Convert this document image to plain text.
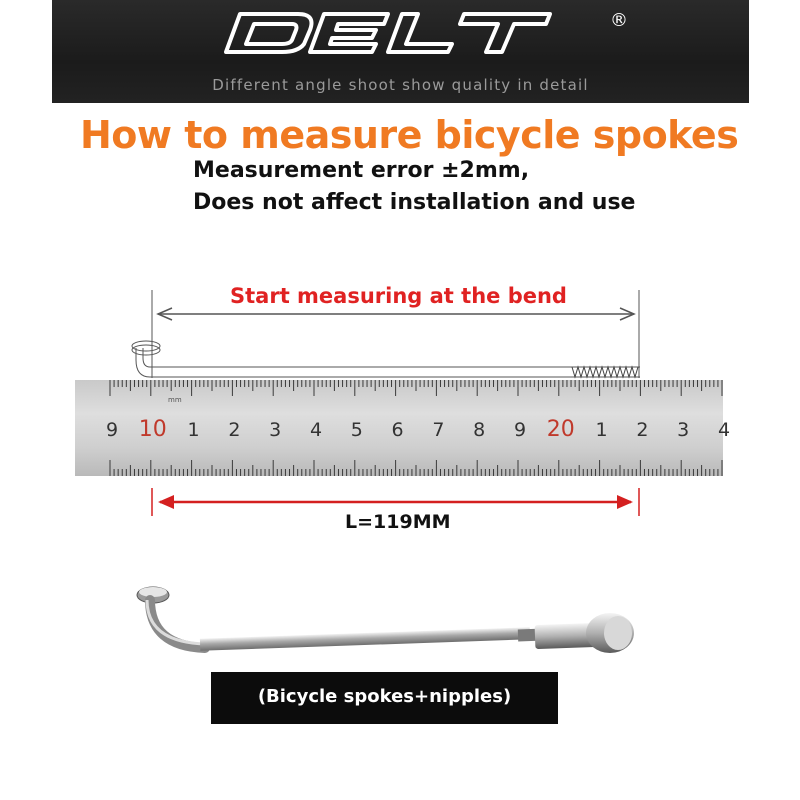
®
Different angle shoot show quality in detail
How to measure bicycle spokes
Measurement error ±2mm,
Does not affect installation and use
9 10 1 2 3 4 5 6 7 8 9 20 1 2 3 4
mm
Start measuring at the bend
L=119MM
(Bicycle spokes+nipples)
